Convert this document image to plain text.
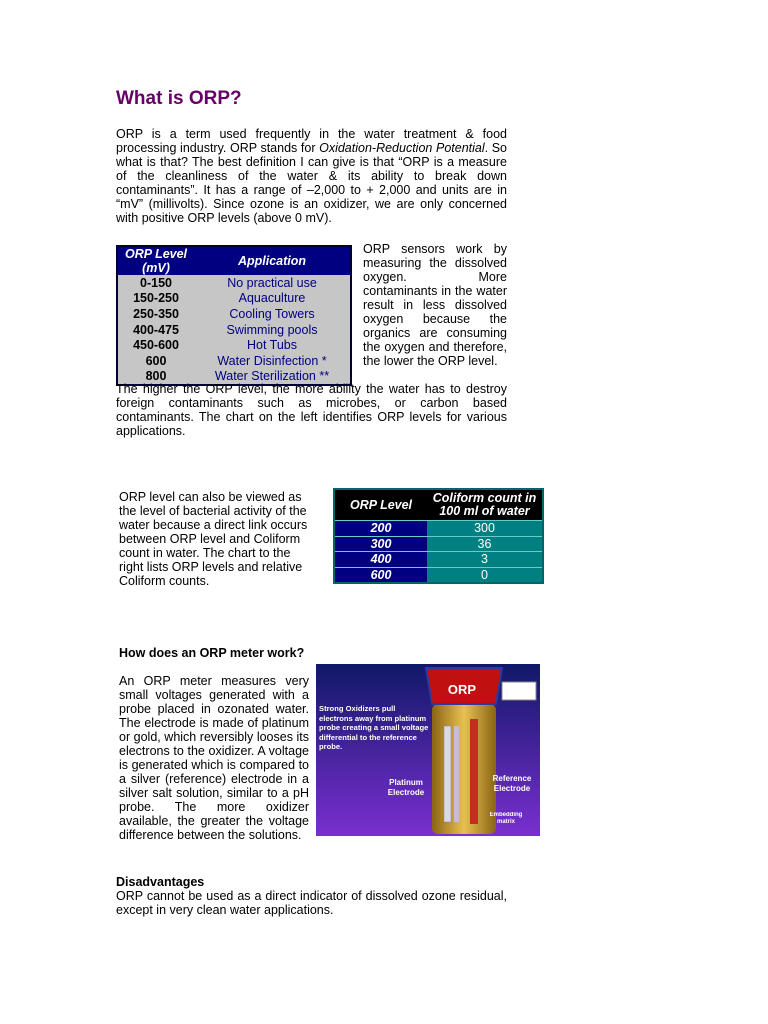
What is ORP?
ORP is a term used frequently in the water treatment & food processing industry. ORP stands for Oxidation-Reduction Potential. So what is that? The best definition I can give is that “ORP is a measure of the cleanliness of the water & its ability to break down contaminants”. It has a range of –2,000 to + 2,000 and units are in “mV” (millivolts). Since ozone is an oxidizer, we are only concerned with positive ORP levels (above 0 mV).
ORP Level (mV)	Application
0-150	No practical use
150-250	Aquaculture
250-350	Cooling Towers
400-475	Swimming pools
450-600	Hot Tubs
600	Water Disinfection *
800	Water Sterilization **
ORP sensors work by measuring the dissolved oxygen. More contaminants in the water result in less dissolved oxygen because the organics are consuming the oxygen and therefore, the lower the ORP level.
The higher the ORP level, the more ability the water has to destroy foreign contaminants such as microbes, or carbon based contaminants. The chart on the left identifies ORP levels for various applications.
ORP level can also be viewed as the level of bacterial activity of the water because a direct link occurs between ORP level and Coliform count in water. The chart to the right lists ORP levels and relative Coliform counts.
ORP Level	Coliform count in 100 ml of water
200	300
300	36
400	3
600	0
How does an ORP meter work?
An ORP meter measures very small voltages generated with a probe placed in ozonated water. The electrode is made of platinum or gold, which reversibly looses its electrons to the oxidizer. A voltage is generated which is compared to a silver (reference) electrode in a silver salt solution, similar to a pH probe. The more oxidizer available, the greater the voltage difference between the solutions.
ORP
Strong Oxidizers pull electrons away from platinum probe creating a small voltage differential to the reference probe.
Platinum Electrode
Reference Electrode
Embedding matrix
Disadvantages
ORP cannot be used as a direct indicator of dissolved ozone residual, except in very clean water applications.
